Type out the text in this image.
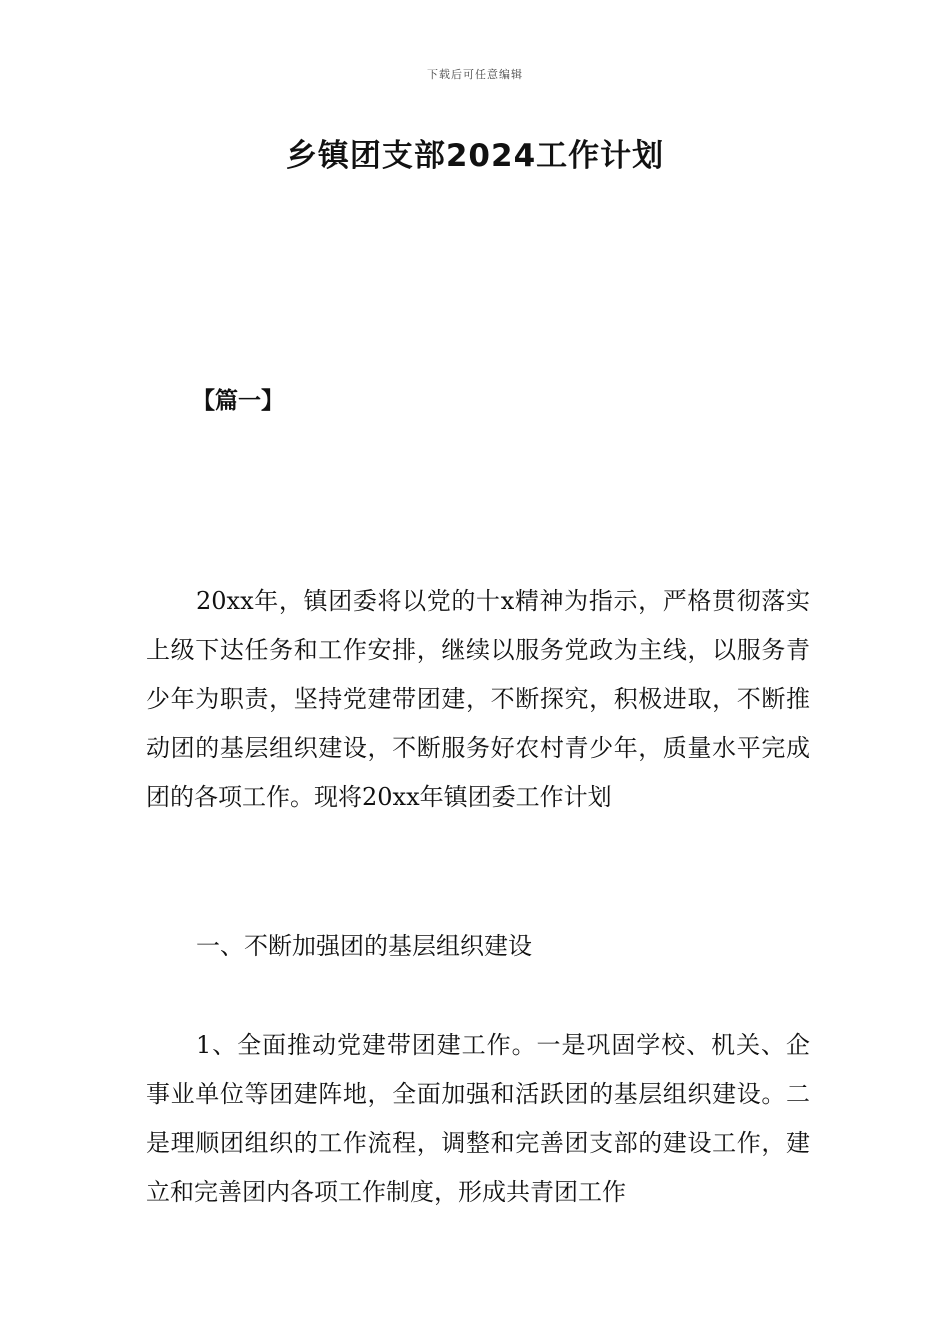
下载后可任意编辑
乡镇团支部2024工作计划
【篇一】

20xx年，镇团委将以党的十x精神为指示，严格贯彻落实上级下达任务和工作安排，继续以服务党政为主线，以服务青少年为职责，坚持党建带团建，不断探究，积极进取，不断推动团的基层组织建设，不断服务好农村青少年，质量水平完成团的各项工作。现将20xx年镇团委工作计划

一、不断加强团的基层组织建设

1、全面推动党建带团建工作。一是巩固学校、机关、企事业单位等团建阵地，全面加强和活跃团的基层组织建设。二是理顺团组织的工作流程，调整和完善团支部的建设工作，建立和完善团内各项工作制度，形成共青团工作
